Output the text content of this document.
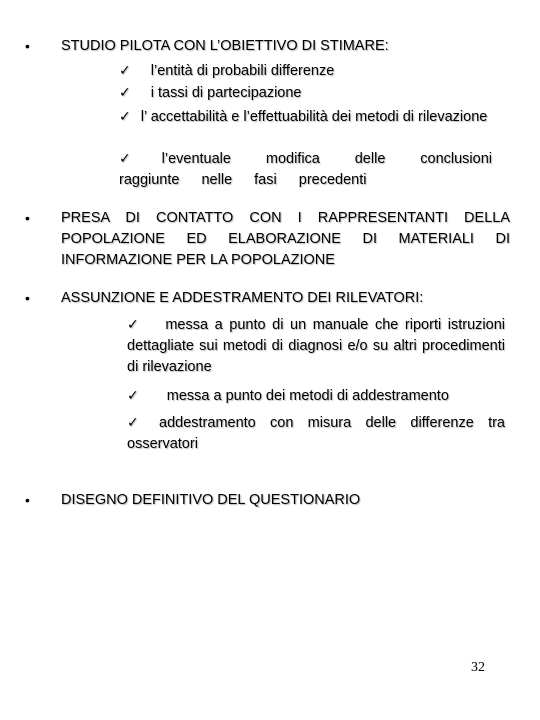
• STUDIO PILOTA CON L’OBIETTIVO DI STIMARE:
✓ l’entità di probabili differenze
✓ i tassi di partecipazione
✓ l’ accettabilità e l’effettuabilità dei metodi di rilevazione
✓ l’eventuale modifica delle conclusioni raggiunte nelle fasi precedenti
• PRESA DI CONTATTO CON I RAPPRESENTANTI DELLA POPOLAZIONE ED ELABORAZIONE DI MATERIALI DI INFORMAZIONE PER LA POPOLAZIONE
• ASSUNZIONE E ADDESTRAMENTO DEI RILEVATORI:
✓ messa a punto di un manuale che riporti istruzioni dettagliate sui metodi di diagnosi e/o su altri procedimenti di rilevazione
✓ messa a punto dei metodi di addestramento
✓ addestramento con misura delle differenze tra osservatori
• DISEGNO DEFINITIVO DEL QUESTIONARIO
32
